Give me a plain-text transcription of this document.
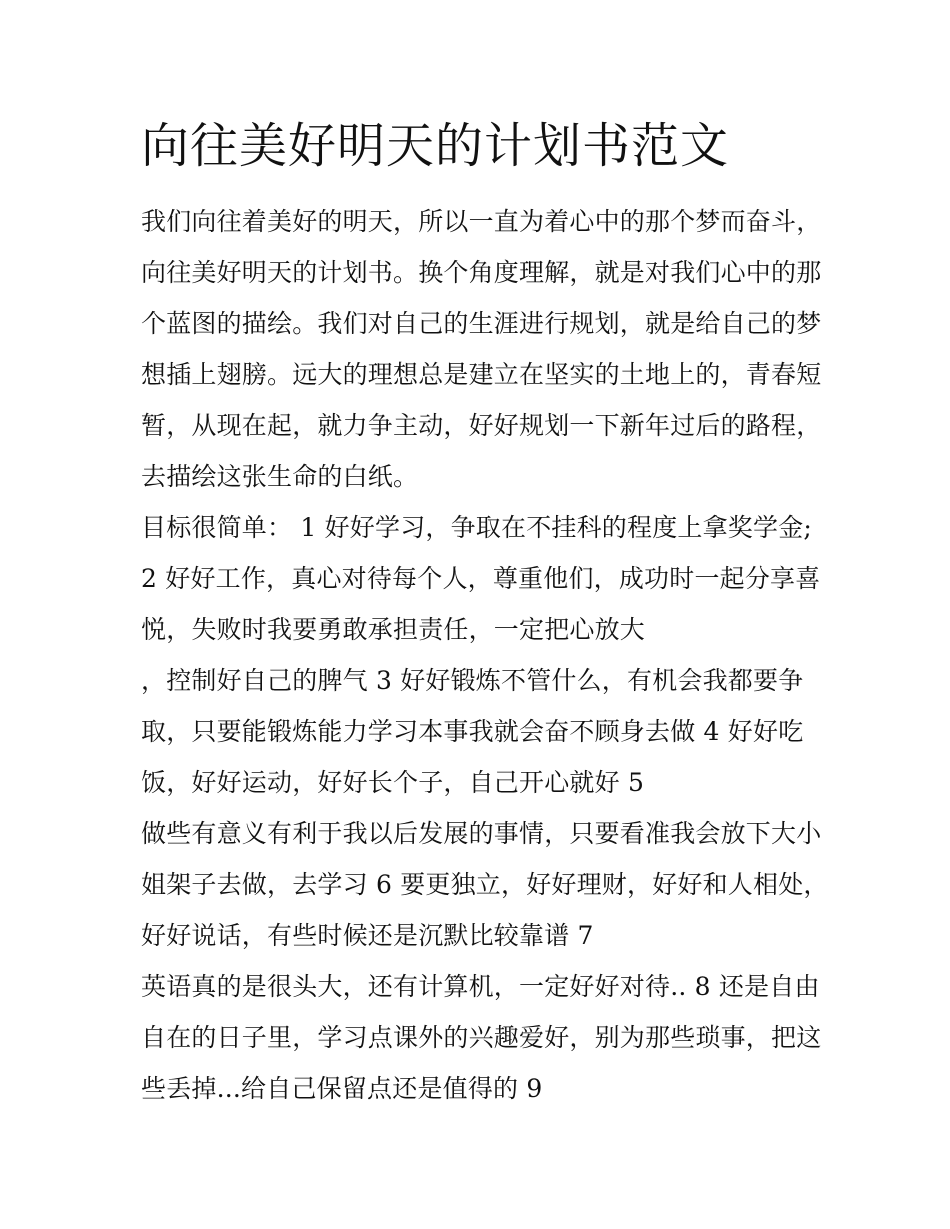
向往美好明天的计划书范文

我们向往着美好的明天，所以一直为着心中的那个梦而奋斗，

向往美好明天的计划书。换个角度理解，就是对我们心中的那

个蓝图的描绘。我们对自己的生涯进行规划，就是给自己的梦

想插上翅膀。远大的理想总是建立在坚实的土地上的，青春短

暂，从现在起，就力争主动，好好规划一下新年过后的路程，

去描绘这张生命的白纸。

目标很简单： 1 好好学习，争取在不挂科的程度上拿奖学金;

2 好好工作，真心对待每个人，尊重他们，成功时一起分享喜

悦，失败时我要勇敢承担责任，一定把心放大

，控制好自己的脾气 3 好好锻炼不管什么，有机会我都要争

取，只要能锻炼能力学习本事我就会奋不顾身去做 4 好好吃

饭，好好运动，好好长个子，自己开心就好 5

做些有意义有利于我以后发展的事情，只要看准我会放下大小

姐架子去做，去学习 6 要更独立，好好理财，好好和人相处，

好好说话，有些时候还是沉默比较靠谱 7

英语真的是很头大，还有计算机，一定好好对待.. 8 还是自由

自在的日子里，学习点课外的兴趣爱好，别为那些琐事，把这

些丢掉...给自己保留点还是值得的 9
